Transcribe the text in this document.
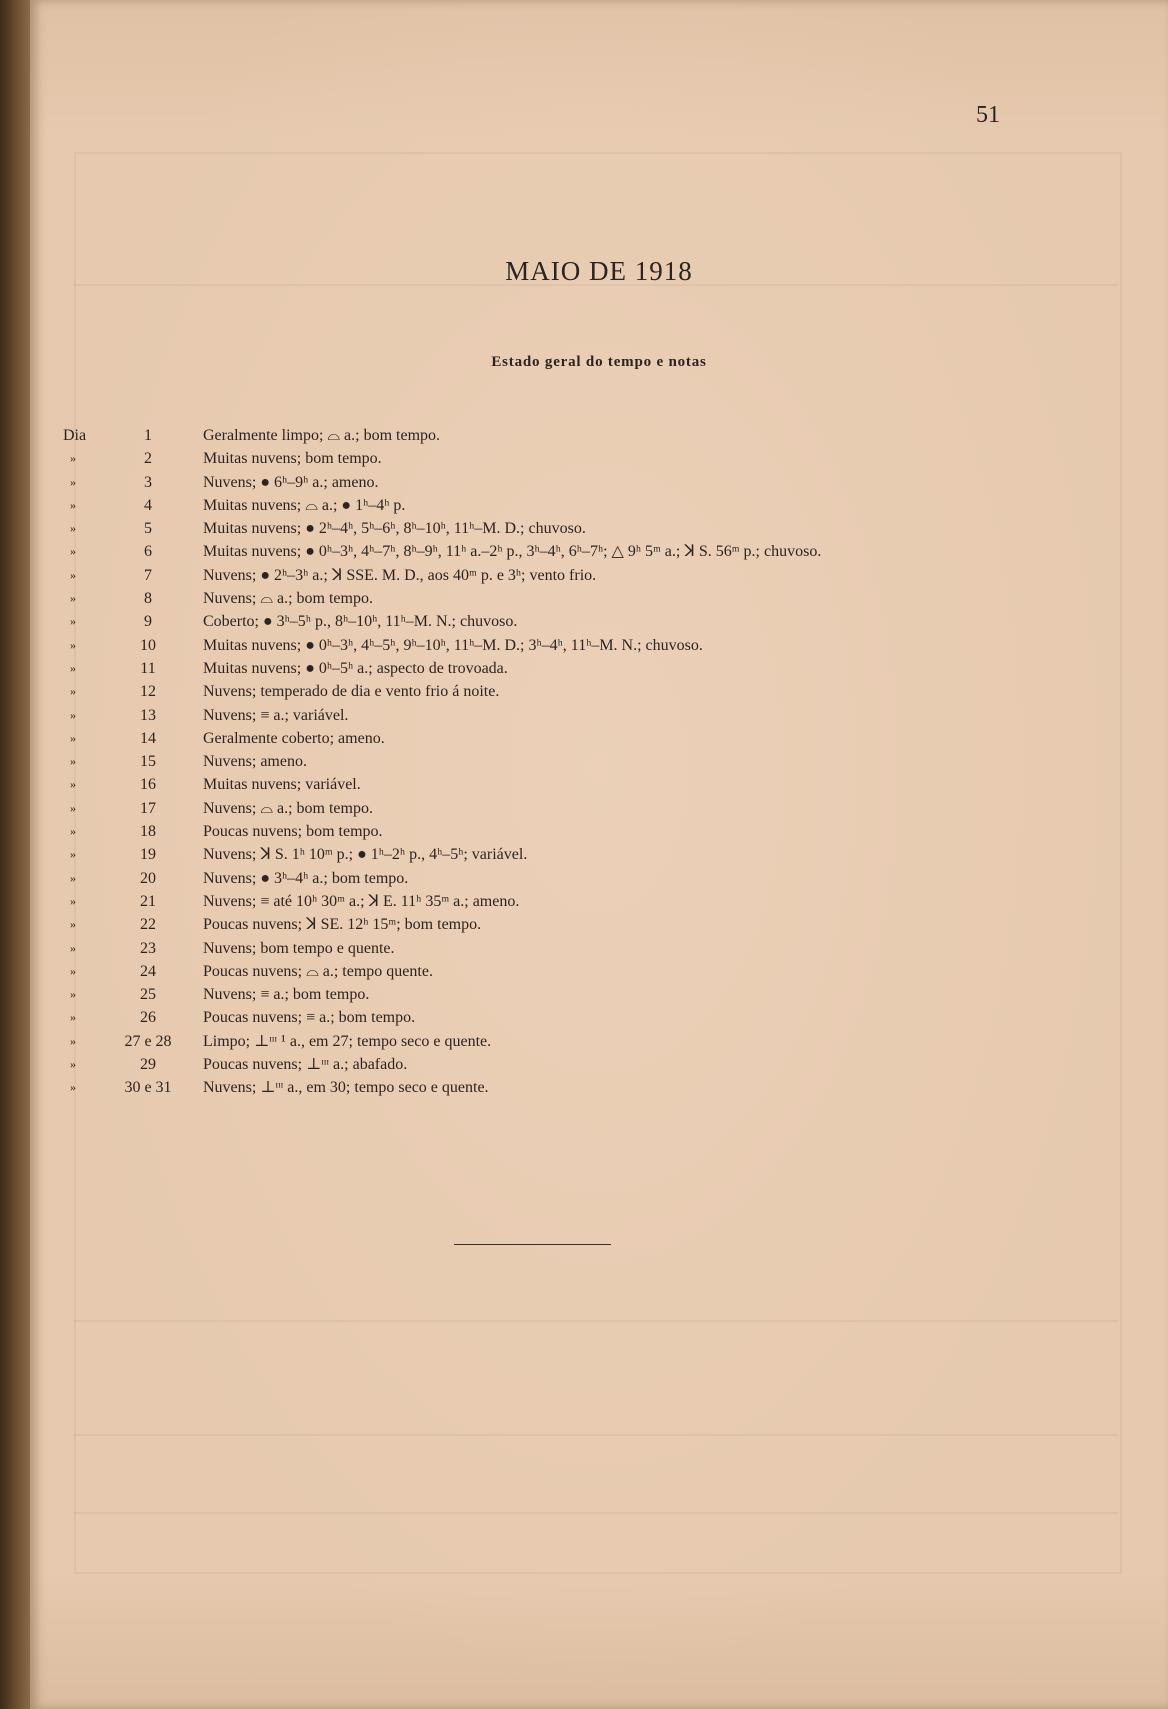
51
MAIO DE 1918
Estado geral do tempo e notas
Dia	1	Geralmente limpo; ⌓ a.; bom tempo.
»	2	Muitas nuvens; bom tempo.
»	3	Nuvens; ● 6ʰ–9ʰ a.; ameno.
»	4	Muitas nuvens; ⌓ a.; ● 1ʰ–4ʰ p.
»	5	Muitas nuvens; ● 2ʰ–4ʰ, 5ʰ–6ʰ, 8ʰ–10ʰ, 11ʰ–M. D.; chuvoso.
»	6	Muitas nuvens; ● 0ʰ–3ʰ, 4ʰ–7ʰ, 8ʰ–9ʰ, 11ʰ a.–2ʰ p., 3ʰ–4ʰ, 6ʰ–7ʰ; △ 9ʰ 5ᵐ a.; ꓘ S. 56ᵐ p.; chuvoso.
»	7	Nuvens; ● 2ʰ–3ʰ a.; ꓘ SSE. M. D., aos 40ᵐ p. e 3ʰ; vento frio.
»	8	Nuvens; ⌓ a.; bom tempo.
»	9	Coberto; ● 3ʰ–5ʰ p., 8ʰ–10ʰ, 11ʰ–M. N.; chuvoso.
»	10	Muitas nuvens; ● 0ʰ–3ʰ, 4ʰ–5ʰ, 9ʰ–10ʰ, 11ʰ–M. D.; 3ʰ–4ʰ, 11ʰ–M. N.; chuvoso.
»	11	Muitas nuvens; ● 0ʰ–5ʰ a.; aspecto de trovoada.
»	12	Nuvens; temperado de dia e vento frio á noite.
»	13	Nuvens; ≡ a.; variável.
»	14	Geralmente coberto; ameno.
»	15	Nuvens; ameno.
»	16	Muitas nuvens; variável.
»	17	Nuvens; ⌓ a.; bom tempo.
»	18	Poucas nuvens; bom tempo.
»	19	Nuvens; ꓘ S. 1ʰ 10ᵐ p.; ● 1ʰ–2ʰ p., 4ʰ–5ʰ; variável.
»	20	Nuvens; ● 3ʰ–4ʰ a.; bom tempo.
»	21	Nuvens; ≡ até 10ʰ 30ᵐ a.; ꓘ E. 11ʰ 35ᵐ a.; ameno.
»	22	Poucas nuvens; ꓘ SE. 12ʰ 15ᵐ; bom tempo.
»	23	Nuvens; bom tempo e quente.
»	24	Poucas nuvens; ⌓ a.; tempo quente.
»	25	Nuvens; ≡ a.; bom tempo.
»	26	Poucas nuvens; ≡ a.; bom tempo.
»	27 e 28	Limpo; ⊥ᶦᶦᶦ ¹ a., em 27; tempo seco e quente.
»	29	Poucas nuvens; ⊥ᶦᶦᶦ a.; abafado.
»	30 e 31	Nuvens; ⊥ᶦᶦᶦ a., em 30; tempo seco e quente.
